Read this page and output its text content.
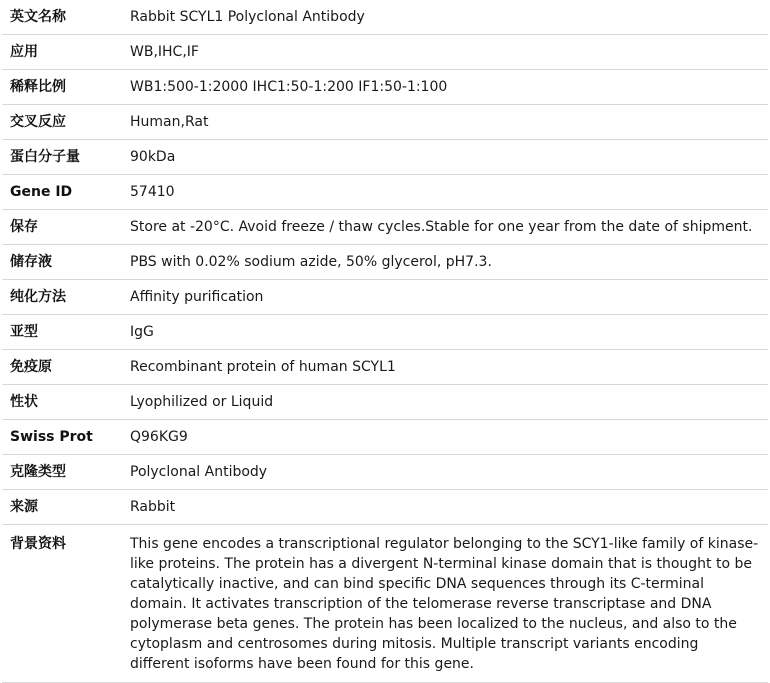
英文名称	Rabbit SCYL1 Polyclonal Antibody
应用	WB,IHC,IF
稀释比例	WB1:500-1:2000 IHC1:50-1:200 IF1:50-1:100
交叉反应	Human,Rat
蛋白分子量	90kDa
Gene ID	57410
保存	Store at -20°C. Avoid freeze / thaw cycles.Stable for one year from the date of shipment.
储存液	PBS with 0.02% sodium azide, 50% glycerol, pH7.3.
纯化方法	Affinity purification
亚型	IgG
免疫原	Recombinant protein of human SCYL1
性状	Lyophilized or Liquid
Swiss Prot	Q96KG9
克隆类型	Polyclonal Antibody
来源	Rabbit
背景资料	This gene encodes a transcriptional regulator belonging to the SCY1-like family of kinase-like proteins. The protein has a divergent N-terminal kinase domain that is thought to be catalytically inactive, and can bind specific DNA sequences through its C-terminal domain. It activates transcription of the telomerase reverse transcriptase and DNA polymerase beta genes. The protein has been localized to the nucleus, and also to the cytoplasm and centrosomes during mitosis. Multiple transcript variants encoding different isoforms have been found for this gene.
